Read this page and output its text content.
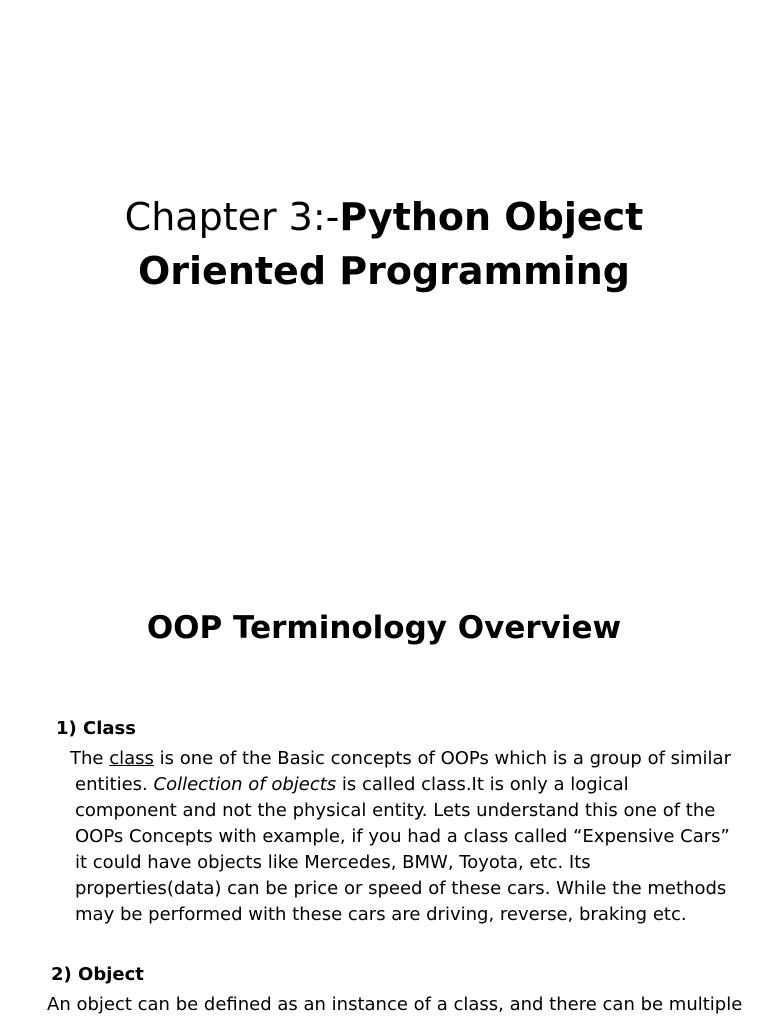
Chapter 3:-Python Object
Oriented Programming
OOP Terminology Overview
1) Class
The class is one of the Basic concepts of OOPs which is a group of similar entities. Collection of objects is called class.It is only a logical component and not the physical entity. Lets understand this one of the OOPs Concepts with example, if you had a class called “Expensive Cars” it could have objects like Mercedes, BMW, Toyota, etc. Its properties(data) can be price or speed of these cars. While the methods may be performed with these cars are driving, reverse, braking etc.
2) Object
An object can be defined as an instance of a class, and there can be multiple
